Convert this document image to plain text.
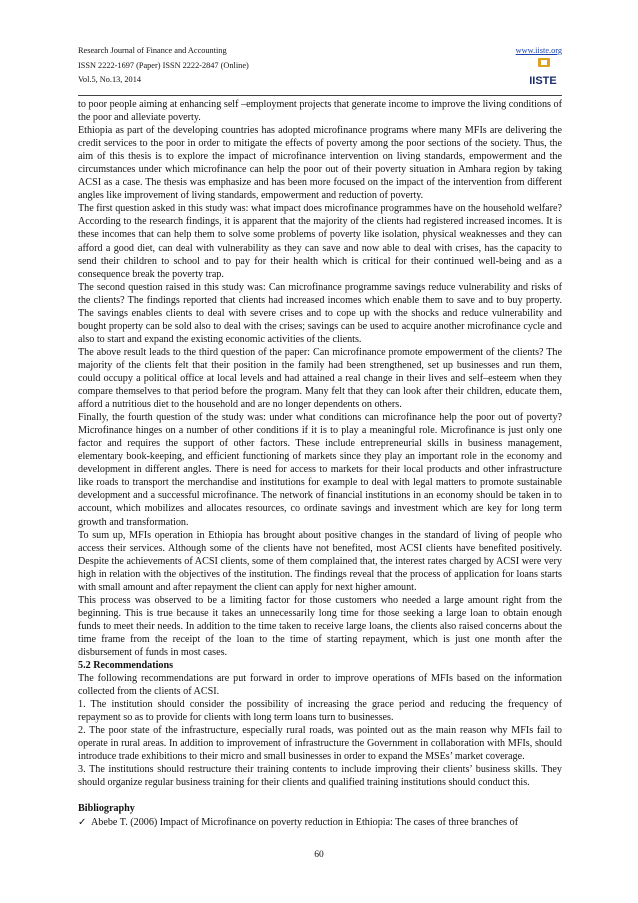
Research Journal of Finance and Accounting
ISSN 2222-1697 (Paper) ISSN 2222-2847 (Online)
Vol.5, No.13, 2014
www.iiste.org
IISTE

to poor people aiming at enhancing self –employment projects that generate income to improve the living conditions of the poor and alleviate poverty.

Ethiopia as part of the developing countries has adopted microfinance programs where many MFIs are delivering the credit services to the poor in order to mitigate the effects of poverty among the poor sections of the society. Thus, the aim of this thesis is to explore the impact of microfinance intervention on living standards, empowerment and the circumstances under which microfinance can help the poor out of their poverty situation in Amhara region by taking ACSI as a case. The thesis was emphasize and has been more focused on the impact of the intervention from different angles like improvement of living standards, empowerment and reduction of poverty.

The first question asked in this study was: what impact does microfinance programmes have on the household welfare? According to the research findings, it is apparent that the majority of the clients had registered increased incomes. It is these incomes that can help them to solve some problems of poverty like isolation, physical weaknesses and they can afford a good diet, can deal with vulnerability as they can save and now able to deal with crises, has the capacity to send their children to school and to pay for their health which is critical for their continued well-being and as a consequence break the poverty trap.

The second question raised in this study was: Can microfinance programme savings reduce vulnerability and risks of the clients? The findings reported that clients had increased incomes which enable them to save and to buy property. The savings enables clients to deal with severe crises and to cope up with the shocks and reduce vulnerability and bought property can be sold also to deal with the crises; savings can be used to acquire another microfinance cycle and also to start and expand the existing economic activities of the clients.

The above result leads to the third question of the paper: Can microfinance promote empowerment of the clients? The majority of the clients felt that their position in the family had been strengthened, set up businesses and run them, could occupy a political office at local levels and had attained a real change in their lives and self–esteem when they compare themselves to that period before the program. Many felt that they can look after their children, educate them, afford a nutritious diet to the household and are no longer dependents on others.

Finally, the fourth question of the study was: under what conditions can microfinance help the poor out of poverty? Microfinance hinges on a number of other conditions if it is to play a meaningful role. Microfinance is just only one factor and requires the support of other factors. These include entrepreneurial skills in business management, elementary book-keeping, and efficient functioning of markets since they play an important role in the economy and development in different angles. There is need for access to markets for their local products and other infrastructure like roads to transport the merchandise and institutions for example to deal with legal matters to promote sustainable development and a successful microfinance. The network of financial institutions in an economy should be taken in to account, which mobilizes and allocates resources, co ordinate savings and investment which are key for long term growth and transformation.

To sum up, MFIs operation in Ethiopia has brought about positive changes in the standard of living of people who access their services. Although some of the clients have not benefited, most ACSI clients have benefited positively. Despite the achievements of ACSI clients, some of them complained that, the interest rates charged by ACSI were very high in relation with the objectives of the institution. The findings reveal that the process of application for loans starts with small amount and after repayment the client can apply for next higher amount.

This process was observed to be a limiting factor for those customers who needed a large amount right from the beginning. This is true because it takes an unnecessarily long time for those seeking a large loan to obtain enough funds to meet their needs. In addition to the time taken to receive large loans, the clients also raised concerns about the time frame from the receipt of the loan to the time of starting repayment, which is just one month after the disbursement of funds in most cases.

5.2 Recommendations

The following recommendations are put forward in order to improve operations of MFIs based on the information collected from the clients of ACSI.

1. The institution should consider the possibility of increasing the grace period and reducing the frequency of repayment so as to provide for clients with long term loans turn to businesses.

2. The poor state of the infrastructure, especially rural roads, was pointed out as the main reason why MFIs fail to operate in rural areas. In addition to improvement of infrastructure the Government in collaboration with MFIs, should introduce trade exhibitions to their micro and small businesses in order to expand the MSEs’ market coverage.

3. The institutions should restructure their training contents to include improving their clients’ business skills. They should organize regular business training for their clients and qualified training institutions should conduct this.

Bibliography
✓ Abebe T. (2006) Impact of Microfinance on poverty reduction in Ethiopia: The cases of three branches of
60
